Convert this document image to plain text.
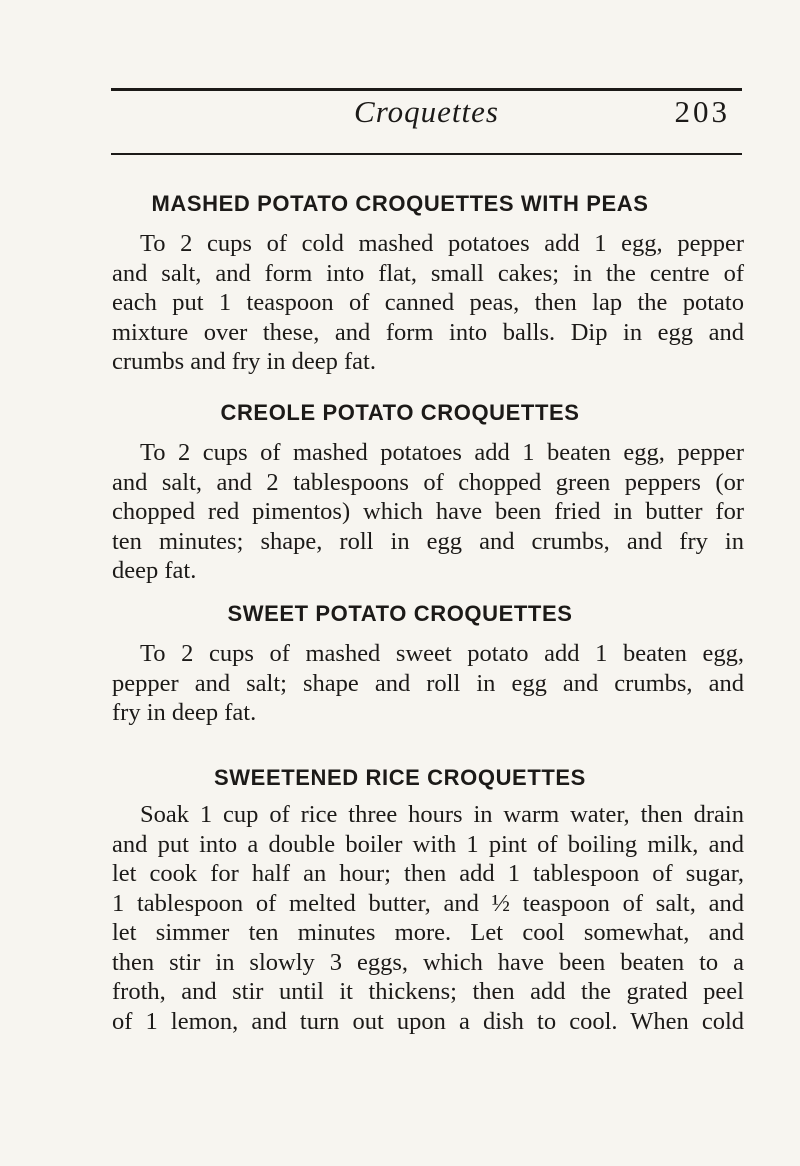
Croquettes	203
MASHED POTATO CROQUETTES WITH PEAS
To 2 cups of cold mashed potatoes add 1 egg, pepper
and salt, and form into flat, small cakes; in the centre of
each put 1 teaspoon of canned peas, then lap the potato
mixture over these, and form into balls. Dip in egg and
crumbs and fry in deep fat.
CREOLE POTATO CROQUETTES
To 2 cups of mashed potatoes add 1 beaten egg, pepper
and salt, and 2 tablespoons of chopped green peppers (or
chopped red pimentos) which have been fried in butter for
ten minutes; shape, roll in egg and crumbs, and fry in
deep fat.
SWEET POTATO CROQUETTES
To 2 cups of mashed sweet potato add 1 beaten egg,
pepper and salt; shape and roll in egg and crumbs, and
fry in deep fat.
SWEETENED RICE CROQUETTES
Soak 1 cup of rice three hours in warm water, then drain
and put into a double boiler with 1 pint of boiling milk, and
let cook for half an hour; then add 1 tablespoon of sugar,
1 tablespoon of melted butter, and ½ teaspoon of salt, and
let simmer ten minutes more. Let cool somewhat, and
then stir in slowly 3 eggs, which have been beaten to a
froth, and stir until it thickens; then add the grated peel
of 1 lemon, and turn out upon a dish to cool. When cold
